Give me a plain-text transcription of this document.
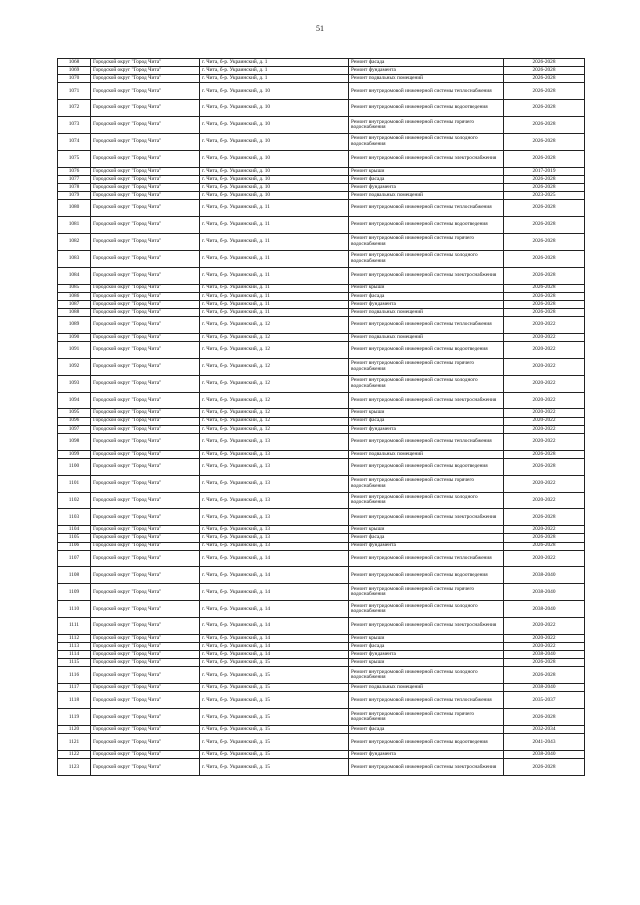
51
1068	Городской округ "Город Чита"	г. Чита, б-р. Украинский, д. 1	Ремонт фасада	2026-2028
1069	Городской округ "Город Чита"	г. Чита, б-р. Украинский, д. 1	Ремонт фундамента	2026-2028
1070	Городской округ "Город Чита"	г. Чита, б-р. Украинский, д. 1	Ремонт подвальных помещений	2026-2028
1071	Городской округ "Город Чита"	г. Чита, б-р. Украинский, д. 10	Ремонт внутридомовой инженерной системы теплоснабжения	2026-2028
1072	Городской округ "Город Чита"	г. Чита, б-р. Украинский, д. 10	Ремонт внутридомовой инженерной системы водоотведения	2026-2028
1073	Городской округ "Город Чита"	г. Чита, б-р. Украинский, д. 10	Ремонт внутридомовой инженерной системы горячего водоснабжения	2026-2028
1074	Городской округ "Город Чита"	г. Чита, б-р. Украинский, д. 10	Ремонт внутридомовой инженерной системы холодного водоснабжения	2026-2028
1075	Городской округ "Город Чита"	г. Чита, б-р. Украинский, д. 10	Ремонт внутридомовой инженерной системы электроснабжения	2026-2028
1076	Городской округ "Город Чита"	г. Чита, б-р. Украинский, д. 10	Ремонт крыши	2017-2019
1077	Городской округ "Город Чита"	г. Чита, б-р. Украинский, д. 10	Ремонт фасада	2026-2028
1078	Городской округ "Город Чита"	г. Чита, б-р. Украинский, д. 10	Ремонт фундамента	2026-2028
1079	Городской округ "Город Чита"	г. Чита, б-р. Украинский, д. 10	Ремонт подвальных помещений	2023-2025
1080	Городской округ "Город Чита"	г. Чита, б-р. Украинский, д. 11	Ремонт внутридомовой инженерной системы теплоснабжения	2026-2028
1081	Городской округ "Город Чита"	г. Чита, б-р. Украинский, д. 11	Ремонт внутридомовой инженерной системы водоотведения	2026-2028
1082	Городской округ "Город Чита"	г. Чита, б-р. Украинский, д. 11	Ремонт внутридомовой инженерной системы горячего водоснабжения	2026-2028
1083	Городской округ "Город Чита"	г. Чита, б-р. Украинский, д. 11	Ремонт внутридомовой инженерной системы холодного водоснабжения	2026-2028
1084	Городской округ "Город Чита"	г. Чита, б-р. Украинский, д. 11	Ремонт внутридомовой инженерной системы электроснабжения	2026-2028
1085	Городской округ "Город Чита"	г. Чита, б-р. Украинский, д. 11	Ремонт крыши	2026-2028
1086	Городской округ "Город Чита"	г. Чита, б-р. Украинский, д. 11	Ремонт фасада	2026-2028
1087	Городской округ "Город Чита"	г. Чита, б-р. Украинский, д. 11	Ремонт фундамента	2026-2028
1088	Городской округ "Город Чита"	г. Чита, б-р. Украинский, д. 11	Ремонт подвальных помещений	2026-2028
1089	Городской округ "Город Чита"	г. Чита, б-р. Украинский, д. 12	Ремонт внутридомовой инженерной системы теплоснабжения	2020-2022
1090	Городской округ "Город Чита"	г. Чита, б-р. Украинский, д. 12	Ремонт подвальных помещений	2020-2022
1091	Городской округ "Город Чита"	г. Чита, б-р. Украинский, д. 12	Ремонт внутридомовой инженерной системы водоотведения	2020-2022
1092	Городской округ "Город Чита"	г. Чита, б-р. Украинский, д. 12	Ремонт внутридомовой инженерной системы горячего водоснабжения	2020-2022
1093	Городской округ "Город Чита"	г. Чита, б-р. Украинский, д. 12	Ремонт внутридомовой инженерной системы холодного водоснабжения	2020-2022
1094	Городской округ "Город Чита"	г. Чита, б-р. Украинский, д. 12	Ремонт внутридомовой инженерной системы электроснабжения	2020-2022
1095	Городской округ "Город Чита"	г. Чита, б-р. Украинский, д. 12	Ремонт крыши	2020-2022
1096	Городской округ "Город Чита"	г. Чита, б-р. Украинский, д. 12	Ремонт фасада	2020-2022
1097	Городской округ "Город Чита"	г. Чита, б-р. Украинский, д. 12	Ремонт фундамента	2020-2022
1098	Городской округ "Город Чита"	г. Чита, б-р. Украинский, д. 13	Ремонт внутридомовой инженерной системы теплоснабжения	2020-2022
1099	Городской округ "Город Чита"	г. Чита, б-р. Украинский, д. 13	Ремонт подвальных помещений	2026-2028
1100	Городской округ "Город Чита"	г. Чита, б-р. Украинский, д. 13	Ремонт внутридомовой инженерной системы водоотведения	2026-2028
1101	Городской округ "Город Чита"	г. Чита, б-р. Украинский, д. 13	Ремонт внутридомовой инженерной системы горячего водоснабжения	2020-2022
1102	Городской округ "Город Чита"	г. Чита, б-р. Украинский, д. 13	Ремонт внутридомовой инженерной системы холодного водоснабжения	2020-2022
1103	Городской округ "Город Чита"	г. Чита, б-р. Украинский, д. 13	Ремонт внутридомовой инженерной системы электроснабжения	2026-2028
1104	Городской округ "Город Чита"	г. Чита, б-р. Украинский, д. 13	Ремонт крыши	2020-2022
1105	Городской округ "Город Чита"	г. Чита, б-р. Украинский, д. 13	Ремонт фасада	2026-2028
1106	Городской округ "Город Чита"	г. Чита, б-р. Украинский, д. 13	Ремонт фундамента	2026-2028
1107	Городской округ "Город Чита"	г. Чита, б-р. Украинский, д. 14	Ремонт внутридомовой инженерной системы теплоснабжения	2020-2022
1108	Городской округ "Город Чита"	г. Чита, б-р. Украинский, д. 14	Ремонт внутридомовой инженерной системы водоотведения	2038-2040
1109	Городской округ "Город Чита"	г. Чита, б-р. Украинский, д. 14	Ремонт внутридомовой инженерной системы горячего водоснабжения	2038-2040
1110	Городской округ "Город Чита"	г. Чита, б-р. Украинский, д. 14	Ремонт внутридомовой инженерной системы холодного водоснабжения	2038-2040
1111	Городской округ "Город Чита"	г. Чита, б-р. Украинский, д. 14	Ремонт внутридомовой инженерной системы электроснабжения	2020-2022
1112	Городской округ "Город Чита"	г. Чита, б-р. Украинский, д. 14	Ремонт крыши	2020-2022
1113	Городской округ "Город Чита"	г. Чита, б-р. Украинский, д. 14	Ремонт фасада	2020-2022
1114	Городской округ "Город Чита"	г. Чита, б-р. Украинский, д. 14	Ремонт фундамента	2038-2040
1115	Городской округ "Город Чита"	г. Чита, б-р. Украинский, д. 15	Ремонт крыши	2026-2028
1116	Городской округ "Город Чита"	г. Чита, б-р. Украинский, д. 15	Ремонт внутридомовой инженерной системы холодного водоснабжения	2026-2028
1117	Городской округ "Город Чита"	г. Чита, б-р. Украинский, д. 15	Ремонт подвальных помещений	2038-2040
1118	Городской округ "Город Чита"	г. Чита, б-р. Украинский, д. 15	Ремонт внутридомовой инженерной системы теплоснабжения	2035-2037
1119	Городской округ "Город Чита"	г. Чита, б-р. Украинский, д. 15	Ремонт внутридомовой инженерной системы горячего водоснабжения	2026-2028
1120	Городской округ "Город Чита"	г. Чита, б-р. Украинский, д. 15	Ремонт фасада	2032-2034
1121	Городской округ "Город Чита"	г. Чита, б-р. Украинский, д. 15	Ремонт внутридомовой инженерной системы водоотведения	2041-2043
1122	Городской округ "Город Чита"	г. Чита, б-р. Украинский, д. 15	Ремонт фундамента	2038-2040
1123	Городской округ "Город Чита"	г. Чита, б-р. Украинский, д. 15	Ремонт внутридомовой инженерной системы электроснабжения	2026-2028
